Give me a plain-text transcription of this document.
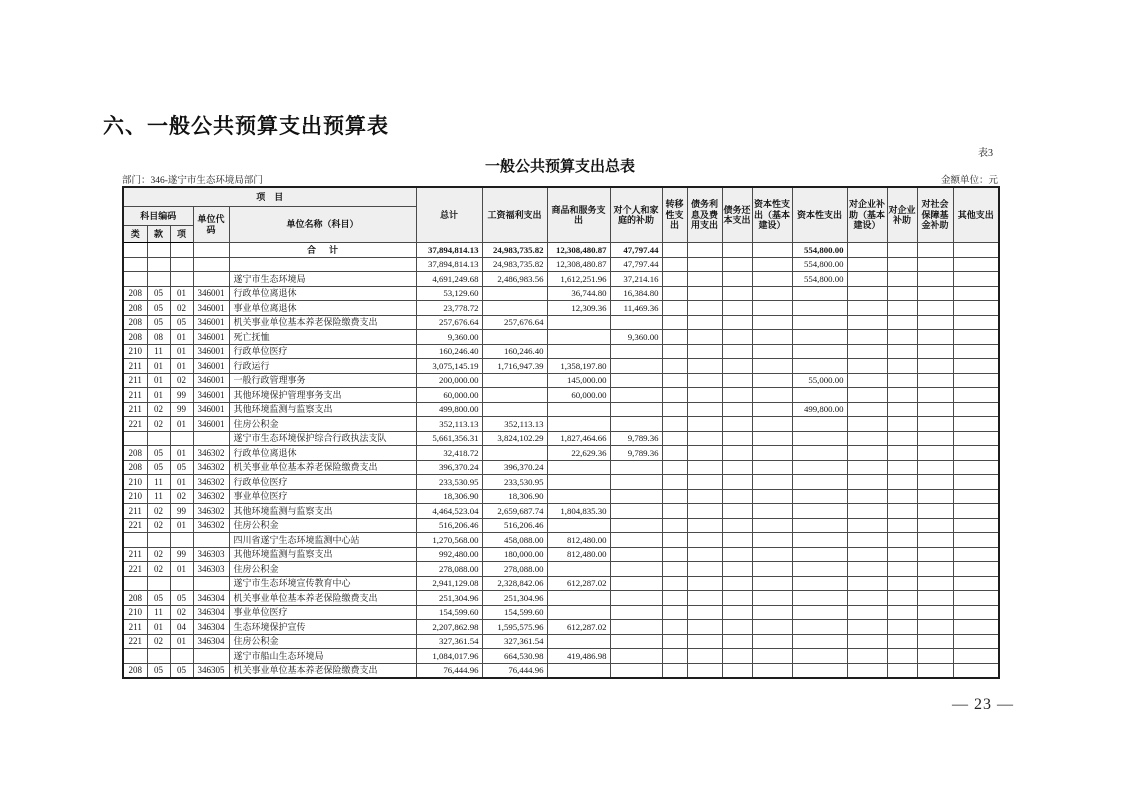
六、一般公共预算支出预算表
表3
一般公共预算支出总表
部门：346-遂宁市生态环境局部门	金额单位：元
项　目					总计	工资福利支出	商品和服务支出	对个人和家庭的补助	转移性支出	债务利息及费用支出	债务还本支出	资本性支出（基本建设）	资本性支出	对企业补助（基本建设）	对企业补助	对社会保障基金补助	其他支出
科目编码			单位代码	单位名称（科目）													
类	款	项															
				合　计	37,894,814.13	24,983,735.82	12,308,480.87	47,797.44					554,800.00				
					37,894,814.13	24,983,735.82	12,308,480.87	47,797.44					554,800.00				
				遂宁市生态环境局	4,691,249.68	2,486,983.56	1,612,251.96	37,214.16					554,800.00				
208	05	01	346001	行政单位离退休	53,129.60		36,744.80	16,384.80									
208	05	02	346001	事业单位离退休	23,778.72		12,309.36	11,469.36									
208	05	05	346001	机关事业单位基本养老保险缴费支出	257,676.64	257,676.64											
208	08	01	346001	死亡抚恤	9,360.00			9,360.00									
210	11	01	346001	行政单位医疗	160,246.40	160,246.40											
211	01	01	346001	行政运行	3,075,145.19	1,716,947.39	1,358,197.80										
211	01	02	346001	一般行政管理事务	200,000.00		145,000.00						55,000.00				
211	01	99	346001	其他环境保护管理事务支出	60,000.00		60,000.00										
211	02	99	346001	其他环境监测与监察支出	499,800.00								499,800.00				
221	02	01	346001	住房公积金	352,113.13	352,113.13											
				遂宁市生态环境保护综合行政执法支队	5,661,356.31	3,824,102.29	1,827,464.66	9,789.36									
208	05	01	346302	行政单位离退休	32,418.72		22,629.36	9,789.36									
208	05	05	346302	机关事业单位基本养老保险缴费支出	396,370.24	396,370.24											
210	11	01	346302	行政单位医疗	233,530.95	233,530.95											
210	11	02	346302	事业单位医疗	18,306.90	18,306.90											
211	02	99	346302	其他环境监测与监察支出	4,464,523.04	2,659,687.74	1,804,835.30										
221	02	01	346302	住房公积金	516,206.46	516,206.46											
				四川省遂宁生态环境监测中心站	1,270,568.00	458,088.00	812,480.00										
211	02	99	346303	其他环境监测与监察支出	992,480.00	180,000.00	812,480.00										
221	02	01	346303	住房公积金	278,088.00	278,088.00											
				遂宁市生态环境宣传教育中心	2,941,129.08	2,328,842.06	612,287.02										
208	05	05	346304	机关事业单位基本养老保险缴费支出	251,304.96	251,304.96											
210	11	02	346304	事业单位医疗	154,599.60	154,599.60											
211	01	04	346304	生态环境保护宣传	2,207,862.98	1,595,575.96	612,287.02										
221	02	01	346304	住房公积金	327,361.54	327,361.54											
				遂宁市船山生态环境局	1,084,017.96	664,530.98	419,486.98										
208	05	05	346305	机关事业单位基本养老保险缴费支出	76,444.96	76,444.96											
— 23 —
